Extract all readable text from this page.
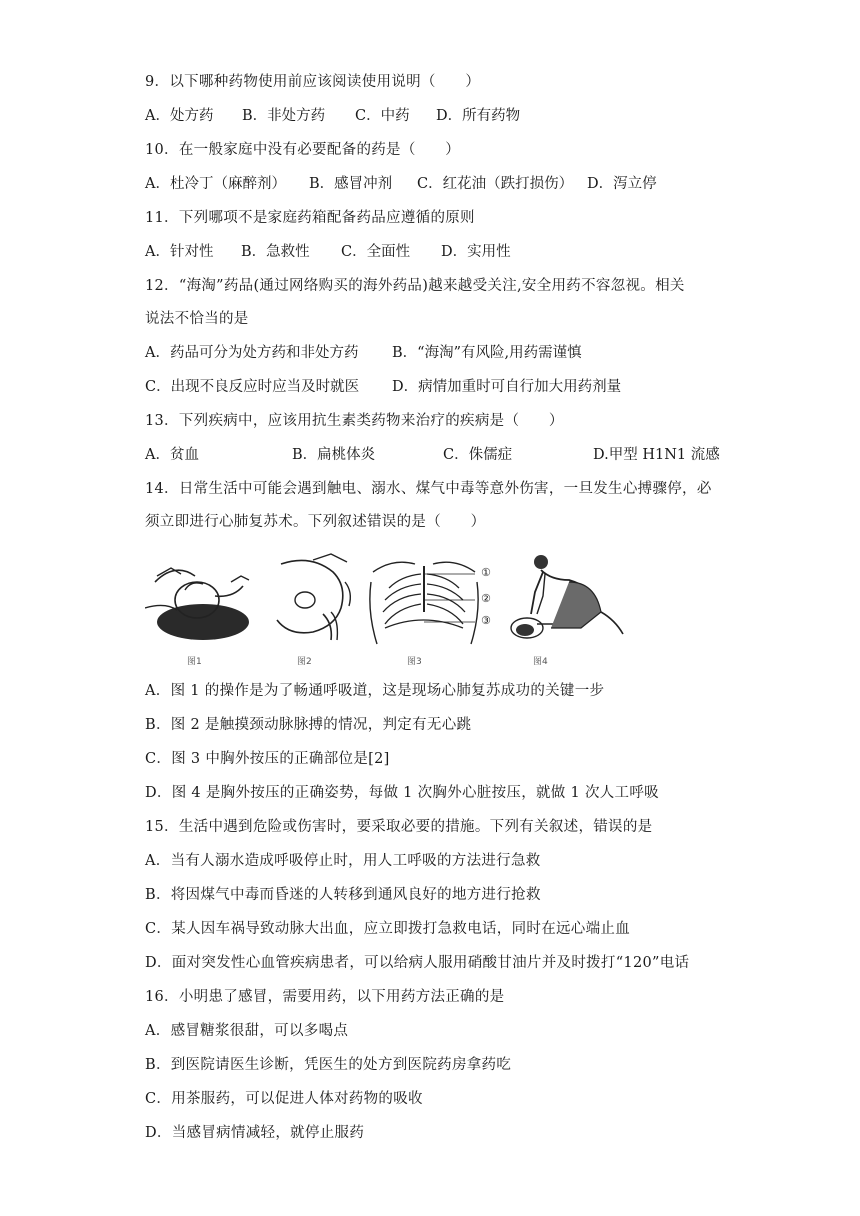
9．以下哪种药物使用前应该阅读使用说明（　　）
A．处方药 B．非处方药 C．中药 D．所有药物
10．在一般家庭中没有必要配备的药是（　　）
A．杜冷丁（麻醉剂） B．感冒冲剂 C．红花油（跌打损伤） D．泻立停
11．下列哪项不是家庭药箱配备药品应遵循的原则
A．针对性 B．急救性 C．全面性 D．实用性
12．“海淘”药品(通过网络购买的海外药品)越来越受关注,安全用药不容忽视。相关
说法不恰当的是
A．药品可分为处方药和非处方药 B．“海淘”有风险,用药需谨慎
C．出现不良反应时应当及时就医 D．病情加重时可自行加大用药剂量
13．下列疾病中，应该用抗生素类药物来治疗的疾病是（　　）
A．贫血	B．扁桃体炎	C．侏儒症	D.甲型 H1N1 流感
14．日常生活中可能会遇到触电、溺水、煤气中毒等意外伤害，一旦发生心搏骤停，必
须立即进行心肺复苏术。下列叙述错误的是（　　）
图1	图2
①
②
③
图3	图4
A．图 1 的操作是为了畅通呼吸道，这是现场心肺复苏成功的关键一步
B．图 2 是触摸颈动脉脉搏的情况，判定有无心跳
C．图 3 中胸外按压的正确部位是[2]
D．图 4 是胸外按压的正确姿势，每做 1 次胸外心脏按压，就做 1 次人工呼吸
15．生活中遇到危险或伤害时，要采取必要的措施。下列有关叙述，错误的是
A．当有人溺水造成呼吸停止时，用人工呼吸的方法进行急救
B．将因煤气中毒而昏迷的人转移到通风良好的地方进行抢救
C．某人因车祸导致动脉大出血，应立即拨打急救电话，同时在远心端止血
D．面对突发性心血管疾病患者，可以给病人服用硝酸甘油片并及时拨打“120”电话
16．小明患了感冒，需要用药，以下用药方法正确的是
A．感冒糖浆很甜，可以多喝点
B．到医院请医生诊断，凭医生的处方到医院药房拿药吃
C．用茶服药，可以促进人体对药物的吸收
D．当感冒病情减轻，就停止服药
